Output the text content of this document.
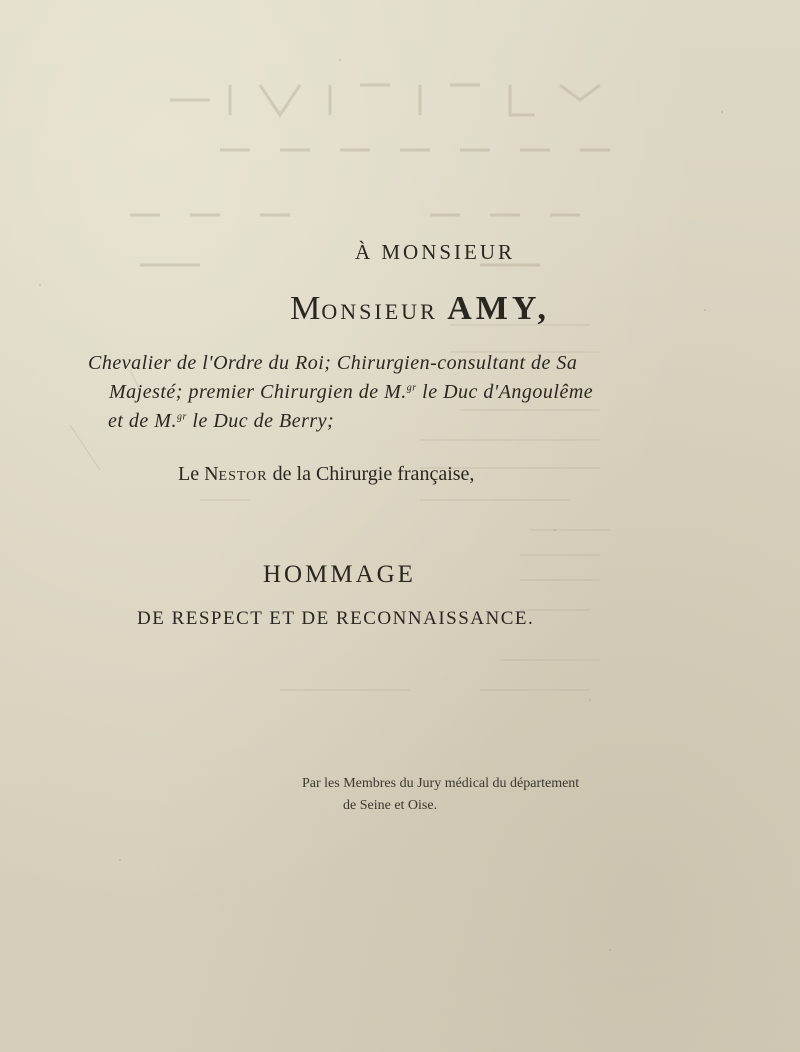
À MONSIEUR
MONSIEUR AMY,
Chevalier de l'Ordre du Roi; Chirurgien-consultant de Sa
Majesté; premier Chirurgien de M.$^{gr}$ le Duc d'Angoulême
et de M.$^{gr}$ le Duc de Berry;
Le NESTOR de la Chirurgie française,
HOMMAGE
DE RESPECT ET DE RECONNAISSANCE.
Par les Membres du Jury médical du département
de Seine et Oise.
